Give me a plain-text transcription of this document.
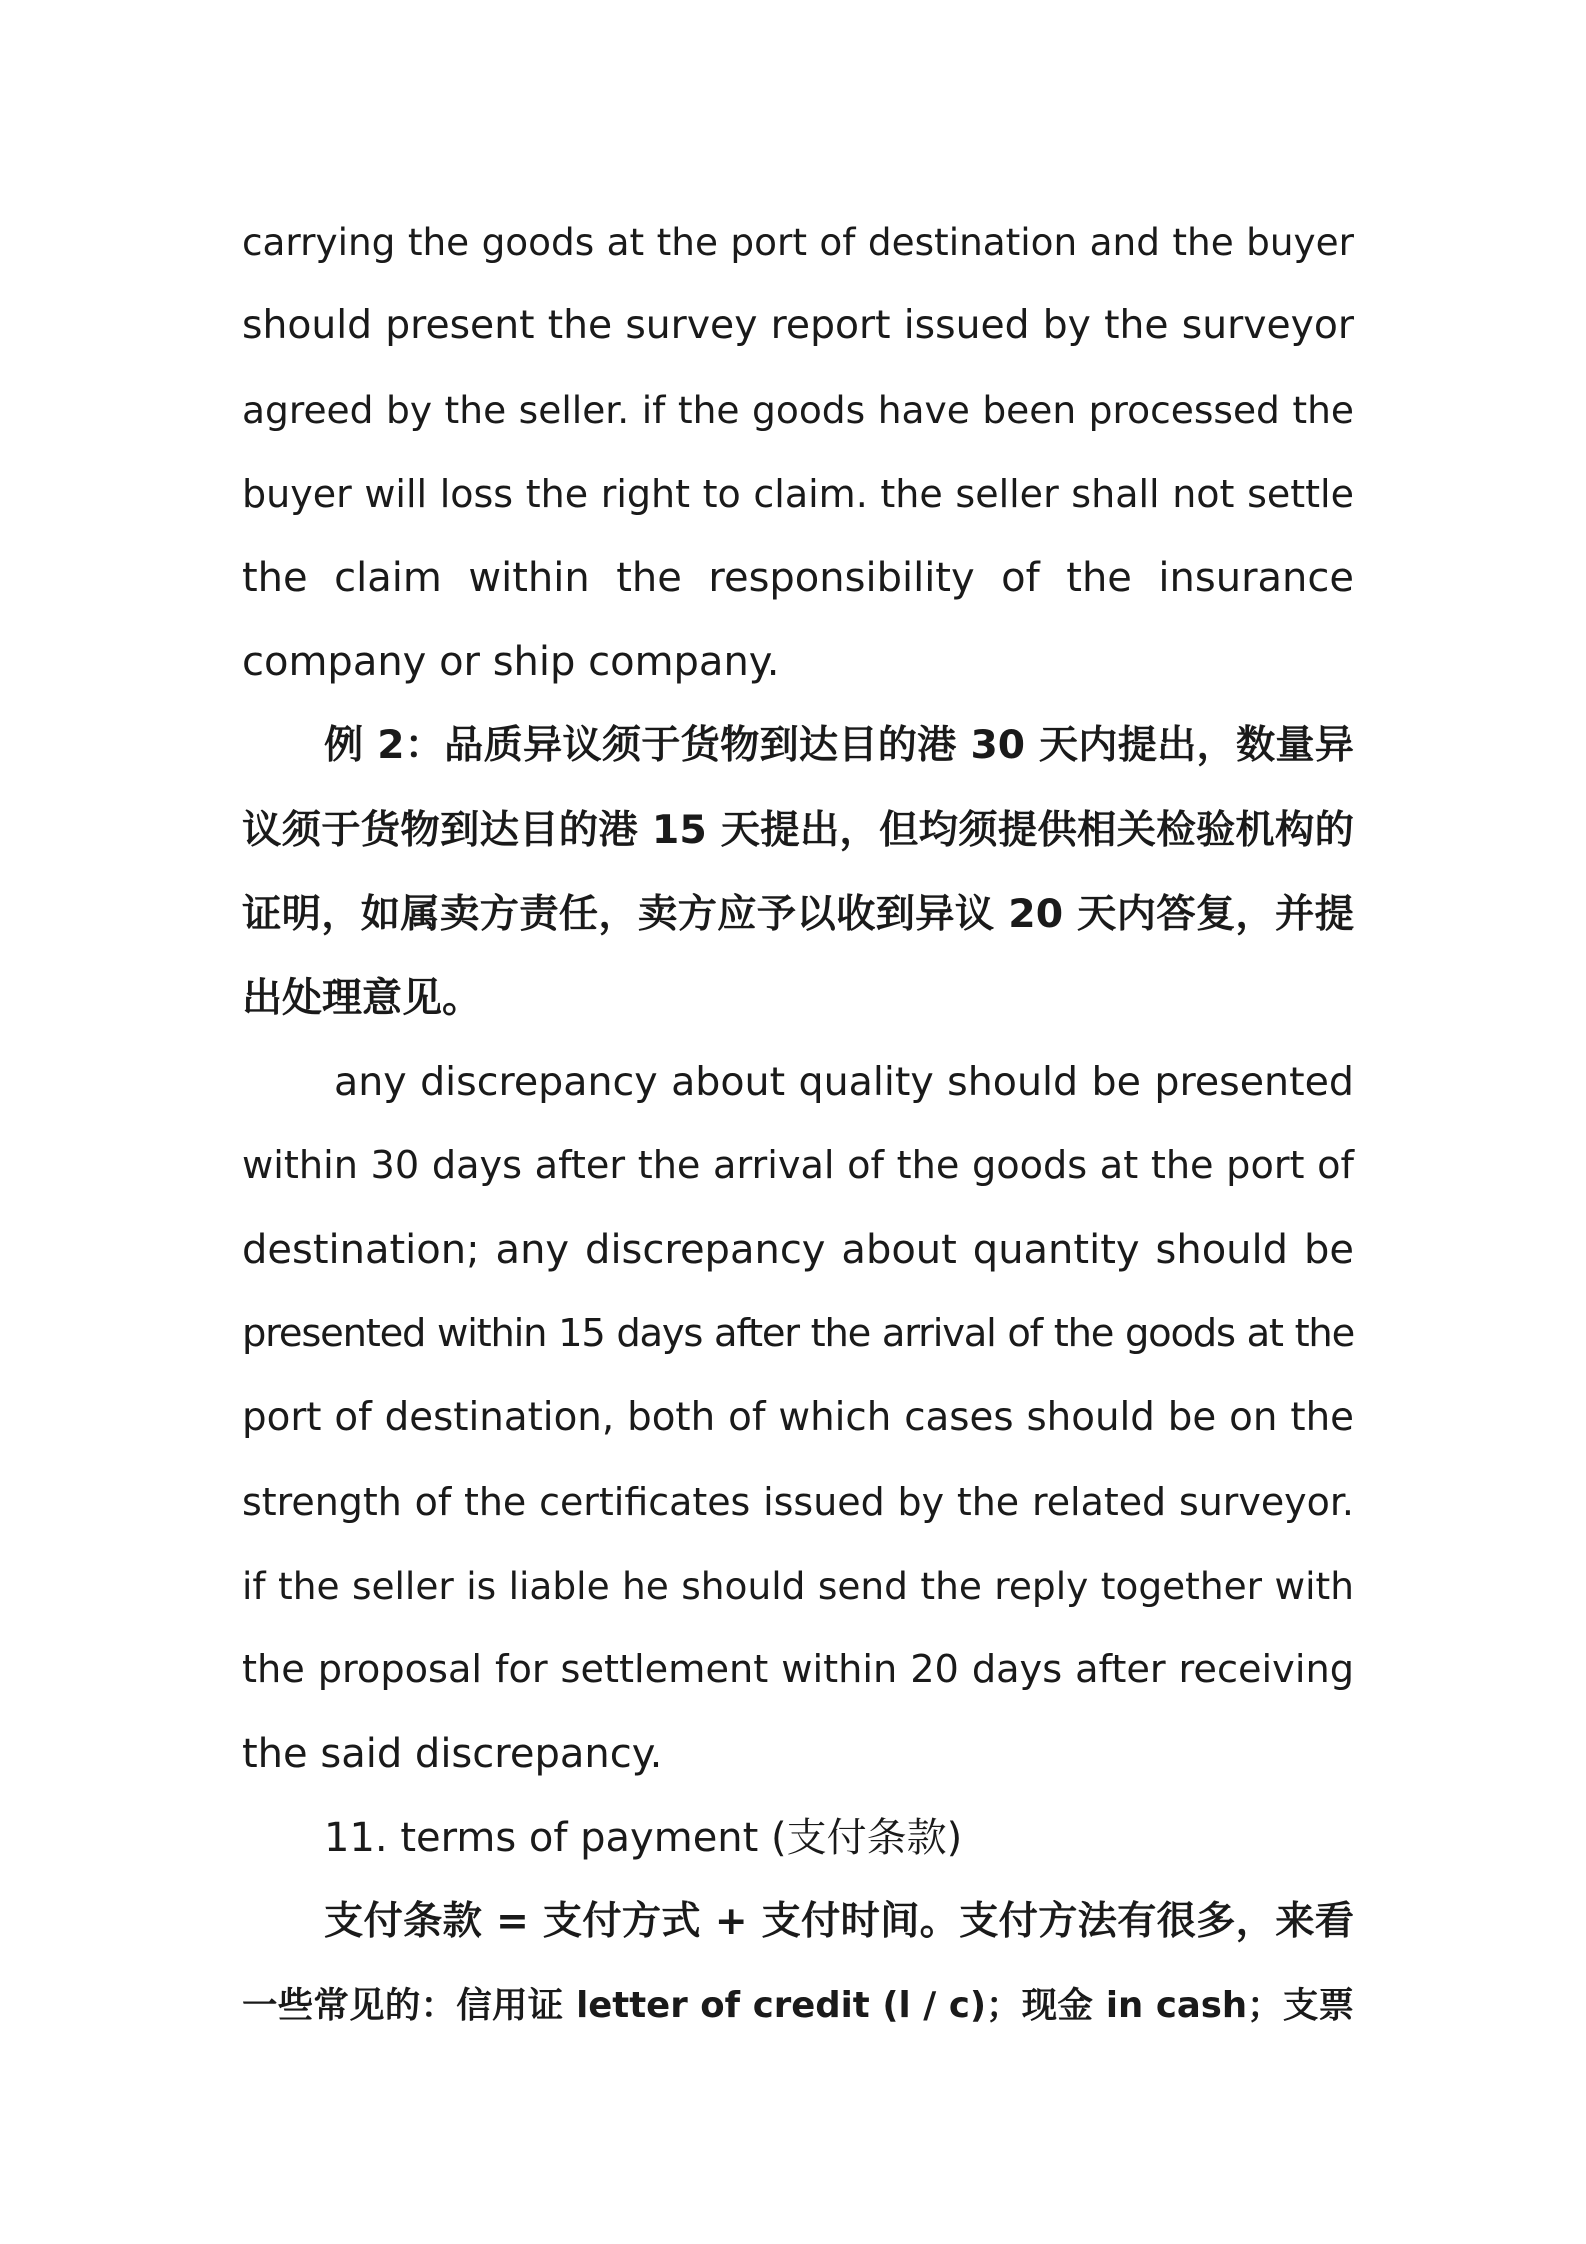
carrying the goods at the port of destination and the buyer
should present the survey report issued by the surveyor
agreed by the seller. if the goods have been processed the
buyer will loss the right to claim. the seller shall not settle
the claim within the responsibility of the insurance
company or ship company.
例 2：品质异议须于货物到达目的港 30 天内提出，数量异
议须于货物到达目的港 15 天提出，但均须提供相关检验机构的
证明，如属卖方责任，卖方应予以收到异议 20 天内答复，并提
出处理意见。
any discrepancy about quality should be presented
within 30 days after the arrival of the goods at the port of
destination; any discrepancy about quantity should be
presented within 15 days after the arrival of the goods at the
port of destination, both of which cases should be on the
strength of the certificates issued by the related surveyor.
if the seller is liable he should send the reply together with
the proposal for settlement within 20 days after receiving
the said discrepancy.
11. terms of payment (支付条款)
支付条款 = 支付方式 + 支付时间。支付方法有很多，来看
一些常见的：信用证 letter of credit (l / c)；现金 in cash；支票
